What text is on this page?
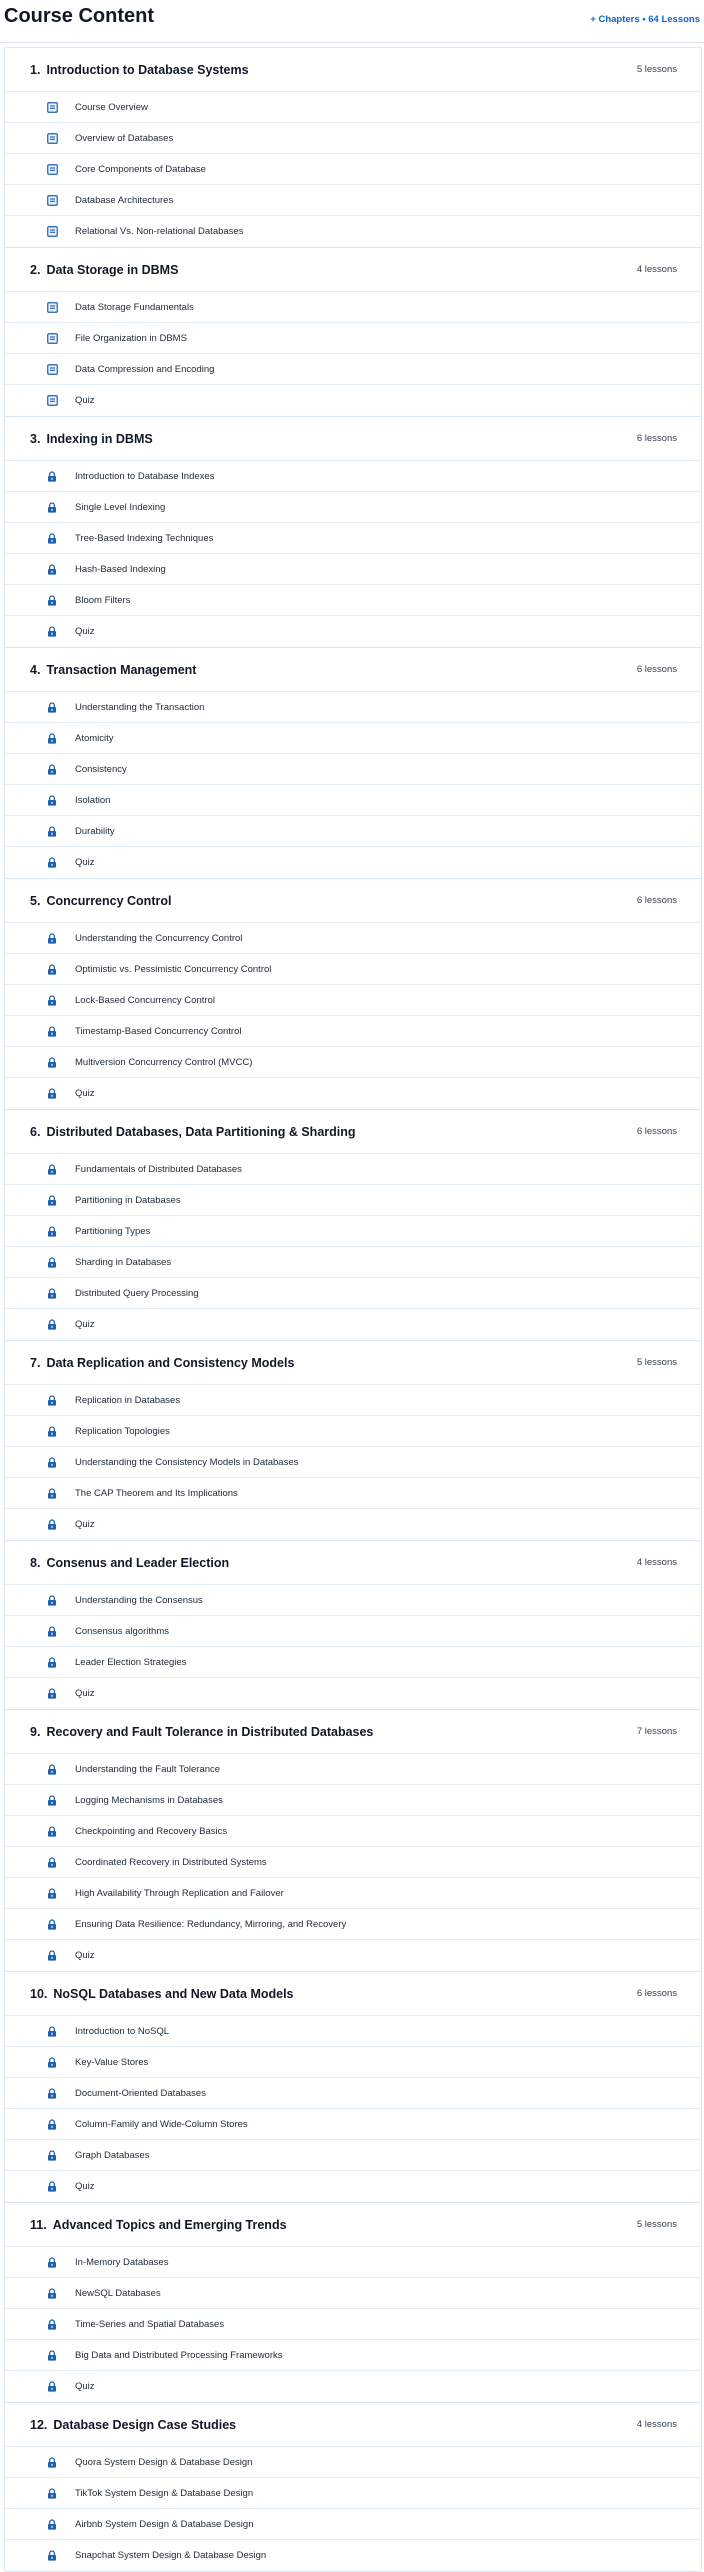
Course Content	+ Chapters • 64 Lessons
1. Introduction to Database Systems	5 lessons
Course Overview
Overview of Databases
Core Components of Database
Database Architectures
Relational Vs. Non-relational Databases
2. Data Storage in DBMS	4 lessons
Data Storage Fundamentals
File Organization in DBMS
Data Compression and Encoding
Quiz
3. Indexing in DBMS	6 lessons
Introduction to Database Indexes
Single Level Indexing
Tree-Based Indexing Techniques
Hash-Based Indexing
Bloom Filters
Quiz
4. Transaction Management	6 lessons
Understanding the Transaction
Atomicity
Consistency
Isolation
Durability
Quiz
5. Concurrency Control	6 lessons
Understanding the Concurrency Control
Optimistic vs. Pessimistic Concurrency Control
Lock-Based Concurrency Control
Timestamp-Based Concurrency Control
Multiversion Concurrency Control (MVCC)
Quiz
6. Distributed Databases, Data Partitioning & Sharding	6 lessons
Fundamentals of Distributed Databases
Partitioning in Databases
Partitioning Types
Sharding in Databases
Distributed Query Processing
Quiz
7. Data Replication and Consistency Models	5 lessons
Replication in Databases
Replication Topologies
Understanding the Consistency Models in Databases
The CAP Theorem and Its Implications
Quiz
8. Consenus and Leader Election	4 lessons
Understanding the Consensus
Consensus algorithms
Leader Election Strategies
Quiz
9. Recovery and Fault Tolerance in Distributed Databases	7 lessons
Understanding the Fault Tolerance
Logging Mechanisms in Databases
Checkpointing and Recovery Basics
Coordinated Recovery in Distributed Systems
High Availability Through Replication and Failover
Ensuring Data Resilience: Redundancy, Mirroring, and Recovery
Quiz
10. NoSQL Databases and New Data Models	6 lessons
Introduction to NoSQL
Key-Value Stores
Document-Oriented Databases
Column-Family and Wide-Column Stores
Graph Databases
Quiz
11. Advanced Topics and Emerging Trends	5 lessons
In-Memory Databases
NewSQL Databases
Time-Series and Spatial Databases
Big Data and Distributed Processing Frameworks
Quiz
12. Database Design Case Studies	4 lessons
Quora System Design & Database Design
TikTok System Design & Database Design
Airbnb System Design & Database Design
Snapchat System Design & Database Design
